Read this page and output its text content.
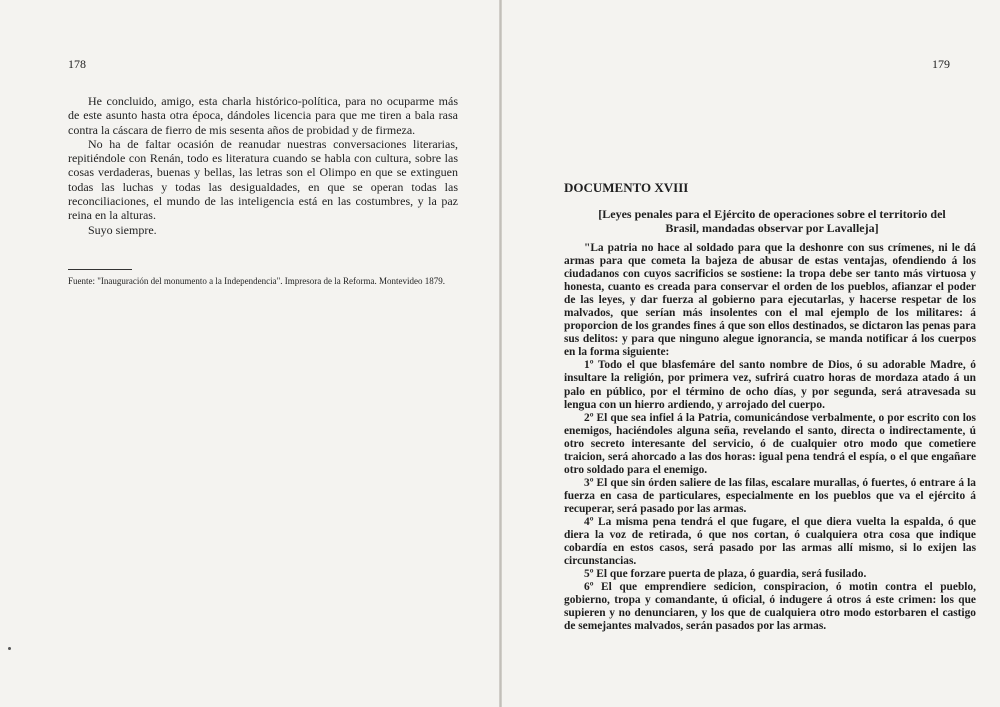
178

He concluido, amigo, esta charla histórico-política, para no ocuparme más de este asunto hasta otra época, dándoles licencia para que me tiren a bala rasa contra la cáscara de fierro de mis sesenta años de probidad y de firmeza.

No ha de faltar ocasión de reanudar nuestras conversaciones literarias, repitiéndole con Renán, todo es literatura cuando se habla con cultura, sobre las cosas verdaderas, buenas y bellas, las letras son el Olimpo en que se extinguen todas las luchas y todas las desigualdades, en que se operan todas las reconciliaciones, el mundo de las inteligencia está en las costumbres, y la paz reina en la alturas.

Suyo siempre.

Fuente: "Inauguración del monumento a la Independencia". Impresora de la Reforma. Montevideo 1879.

179
DOCUMENTO XVIII
[Leyes penales para el Ejército de operaciones sobre el territorio del Brasil, mandadas observar por Lavalleja]

"La patria no hace al soldado para que la deshonre con sus crímenes, ni le dá armas para que cometa la bajeza de abusar de estas ventajas, ofendiendo á los ciudadanos con cuyos sacrificios se sostiene: la tropa debe ser tanto más virtuosa y honesta, cuanto es creada para conservar el orden de los pueblos, afianzar el poder de las leyes, y dar fuerza al gobierno para ejecutarlas, y hacerse respetar de los malvados, que serían más insolentes con el mal ejemplo de los militares: á proporcion de los grandes fines á que son ellos destinados, se dictaron las penas para sus delitos: y para que ninguno alegue ignorancia, se manda notificar á los cuerpos en la forma siguiente:

1º Todo el que blasfemáre del santo nombre de Dios, ó su adorable Madre, ó insultare la religión, por primera vez, sufrirá cuatro horas de mordaza atado á un palo en público, por el término de ocho días, y por segunda, será atravesada su lengua con un hierro ardiendo, y arrojado del cuerpo.

2º El que sea infiel á la Patria, comunicándose verbalmente, o por escrito con los enemigos, haciéndoles alguna seña, revelando el santo, directa o indirectamente, ú otro secreto interesante del servicio, ó de cualquier otro modo que cometiere traicion, será ahorcado a las dos horas: igual pena tendrá el espía, o el que engañare otro soldado para el enemigo.

3º El que sin órden saliere de las filas, escalare murallas, ó fuertes, ó entrare á la fuerza en casa de particulares, especialmente en los pueblos que va el ejército á recuperar, será pasado por las armas.

4º La misma pena tendrá el que fugare, el que diera vuelta la espalda, ó que diera la voz de retirada, ó que nos cortan, ó cualquiera otra cosa que indique cobardía en estos casos, será pasado por las armas allí mismo, si lo exijen las circunstancias.

5º El que forzare puerta de plaza, ó guardia, será fusilado.

6º El que emprendiere sedicion, conspiracion, ó motin contra el pueblo, gobierno, tropa y comandante, ú oficial, ó indugere á otros á este crimen: los que supieren y no denunciaren, y los que de cualquiera otro modo estorbaren el castigo de semejantes malvados, serán pasados por las armas.
